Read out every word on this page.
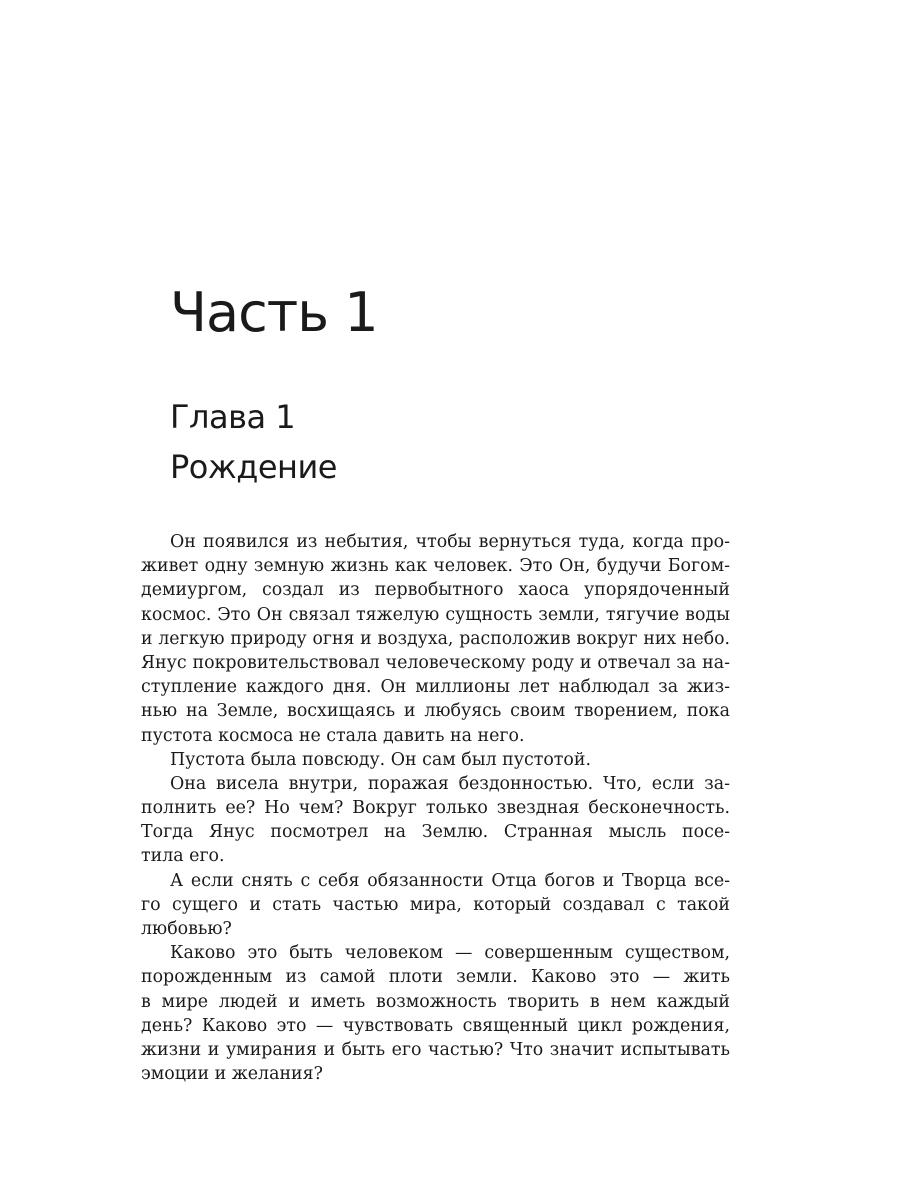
Часть 1
Глава 1
Рождение
Он появился из небытия, чтобы вернуться туда, когда про-
живет одну земную жизнь как человек. Это Он, будучи Богом-
демиургом, создал из первобытного хаоса упорядоченный
космос. Это Он связал тяжелую сущность земли, тягучие воды
и легкую природу огня и воздуха, расположив вокруг них небо.
Янус покровительствовал человеческому роду и отвечал за на-
ступление каждого дня. Он миллионы лет наблюдал за жиз-
нью на Земле, восхищаясь и любуясь своим творением, пока
пустота космоса не стала давить на него.
Пустота была повсюду. Он сам был пустотой.
Она висела внутри, поражая бездонностью. Что, если за-
полнить ее? Но чем? Вокруг только звездная бесконечность.
Тогда Янус посмотрел на Землю. Странная мысль посе-
тила его.
А если снять с себя обязанности Отца богов и Творца все-
го сущего и стать частью мира, который создавал с такой
любовью?
Каково это быть человеком — совершенным существом,
порожденным из самой плоти земли. Каково это — жить
в мире людей и иметь возможность творить в нем каждый
день? Каково это — чувствовать священный цикл рождения,
жизни и умирания и быть его частью? Что значит испытывать
эмоции и желания?
